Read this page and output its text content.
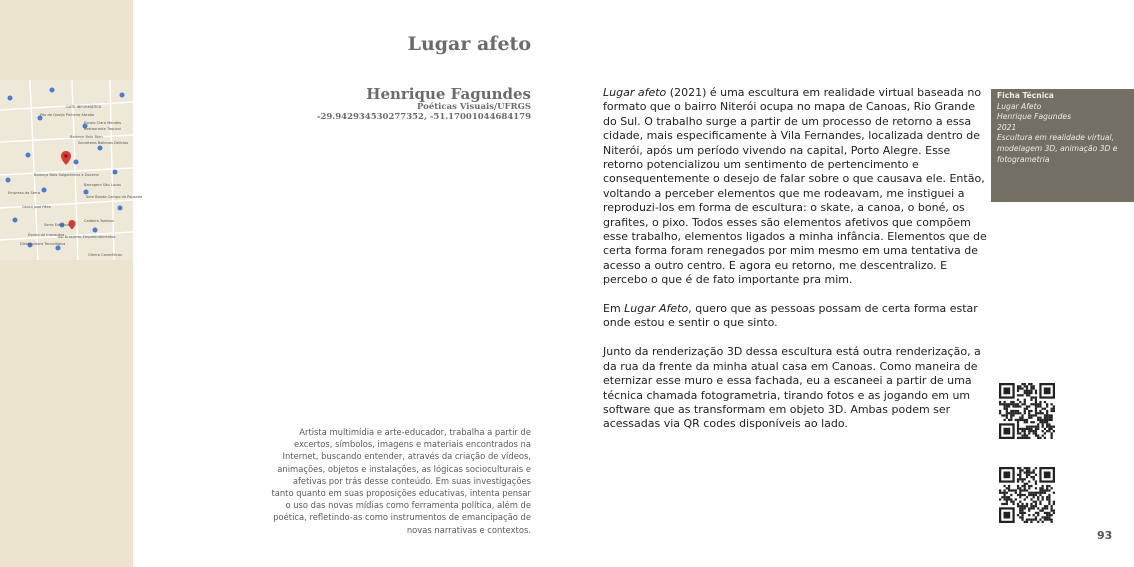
GATE INFORMÁTICA
Pão de Queijo Pinheiro Abraão
Escola Clara Mendes
Restaurante Tropical
Balanço Bolo Bem
Sorveteria Ballenas Delicias
Balanço Bolo Salgadinhos e Doceria
Barragem São Lucas
Empresa da Serra
Sem Banda Campo da Pousada
Gentil José Pães
Serra Esteticas
Caldeira Tombou
Escola de Inovações
Sol Brasileiro Empreendimentos
Distribuidora Tecnológica
Olmira Cosméticos
Lugar afeto
Henrique Fagundes
Poéticas Visuais/UFRGS
-29.942934530277352, -51.17001044684179
Artista multimídia e arte-educador, trabalha a partir de excertos, símbolos, imagens e materiais encontrados na Internet, buscando entender, através da criação de vídeos, animações, objetos e instalações, as lógicas socioculturais e afetivas por trás desse conteúdo. Em suas investigações tanto quanto em suas proposições educativas, intenta pensar o uso das novas mídias como ferramenta política, além de poética, refletindo-as como instrumentos de emancipação de novas narrativas e contextos.

Lugar afeto (2021) é uma escultura em realidade virtual baseada no formato que o bairro Niterói ocupa no mapa de Canoas, Rio Grande do Sul. O trabalho surge a partir de um processo de retorno a essa cidade, mais especificamente à Vila Fernandes, localizada dentro de Niterói, após um período vivendo na capital, Porto Alegre. Esse retorno potencializou um sentimento de pertencimento e consequentemente o desejo de falar sobre o que causava ele. Então, voltando a perceber elementos que me rodeavam, me instiguei a reproduzi-los em forma de escultura: o skate, a canoa, o boné, os grafites, o pixo. Todos esses são elementos afetivos que compõem esse trabalho, elementos ligados a minha infância. Elementos que de certa forma foram renegados por mim mesmo em uma tentativa de acesso a outro centro. E agora eu retorno, me descentralizo. E percebo o que é de fato importante pra mim.

Em Lugar Afeto, quero que as pessoas possam de certa forma estar onde estou e sentir o que sinto.

Junto da renderização 3D dessa escultura está outra renderização, a da rua da frente da minha atual casa em Canoas. Como maneira de eternizar esse muro e essa fachada, eu a escaneei a partir de uma técnica chamada fotogrametria, tirando fotos e as jogando em um software que as transformam em objeto 3D. Ambas podem ser acessadas via QR codes disponíveis ao lado.

Ficha Técnica
Lugar Afeto
Henrique Fagundes
2021
Escultura em realidade virtual, modelagem 3D, animação 3D e fotogrametria
93
